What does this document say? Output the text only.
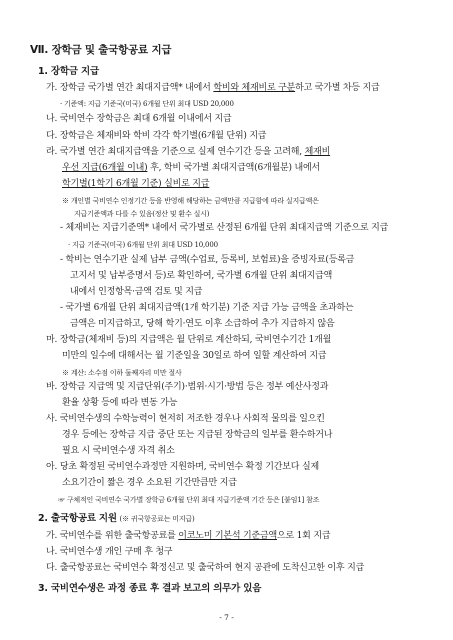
Ⅶ. 장학금 및 출국항공료 지급
1. 장학금 지급
가. 장학금 국가별 연간 최대지급액* 내에서 학비와 체재비로 구분하고 국가별 차등 지급
· 기준액: 지급 기준국(미국) 6개월 단위 최대 USD 20,000
나. 국비연수 장학금은 최대 6개월 이내에서 지급
다. 장학금은 체재비와 학비 각각 학기별(6개월 단위) 지급
라. 국가별 연간 최대지급액을 기준으로 실제 연수기간 등을 고려해, 체재비
우선 지급(6개월 이내) 후, 학비 국가별 최대지급액(6개월분) 내에서
학기별(1학기 6개월 기준) 실비로 지급
※ 개인별 국비연수 인정기간 등을 반영해 해당하는 금액만큼 지급함에 따라 실지급액은
지급기준액과 다를 수 있음(정산 및 환수 실시)
- 체재비는 지급기준액* 내에서 국가별로 산정된 6개월 단위 최대지급액 기준으로 지급
· 지급 기준국(미국) 6개월 단위 최대 USD 10,000
- 학비는 연수기관 실제 납부 금액(수업료, 등록비, 보험료)을 증빙자료(등록금
고지서 및 납부증명서 등)로 확인하여, 국가별 6개월 단위 최대지급액
내에서 인정항목·금액 검토 및 지급
- 국가별 6개월 단위 최대지급액(1개 학기분) 기준 지급 가능 금액을 초과하는
금액은 미지급하고, 당해 학기·연도 이후 소급하여 추가 지급하지 않음
마. 장학금(체재비 등)의 지급액은 월 단위로 계산하되, 국비연수기간 1개월
미만의 일수에 대해서는 월 기준일을 30일로 하여 일할 계산하여 지급
※ 계산: 소수점 이하 둘째자리 미만 절사
바. 장학금 지급액 및 지급단위(주기)·범위·시기·방법 등은 정부 예산사정과
환율 상황 등에 따라 변동 가능
사. 국비연수생의 수학능력이 현저히 저조한 경우나 사회적 물의를 일으킨
경우 등에는 장학금 지급 중단 또는 지급된 장학금의 일부를 환수하거나
필요 시 국비연수생 자격 취소
아. 당초 확정된 국비연수과정만 지원하며, 국비연수 확정 기간보다 실제
소요기간이 짧은 경우 소요된 기간만큼만 지급
☞ 구체적인 국비연수 국가별 장학금 6개월 단위 최대 지급기준액 기간 등은 [붙임1] 참조
2. 출국항공료 지원 (※ 귀국항공료는 미지급)
가. 국비연수를 위한 출국항공료를 이코노미 기본석 기준금액으로 1회 지급
나. 국비연수생 개인 구매 후 청구
다. 출국항공료는 국비연수 확정신고 및 출국하여 현지 공관에 도착신고한 이후 지급
3. 국비연수생은 과정 종료 후 결과 보고의 의무가 있음
- 7 -
